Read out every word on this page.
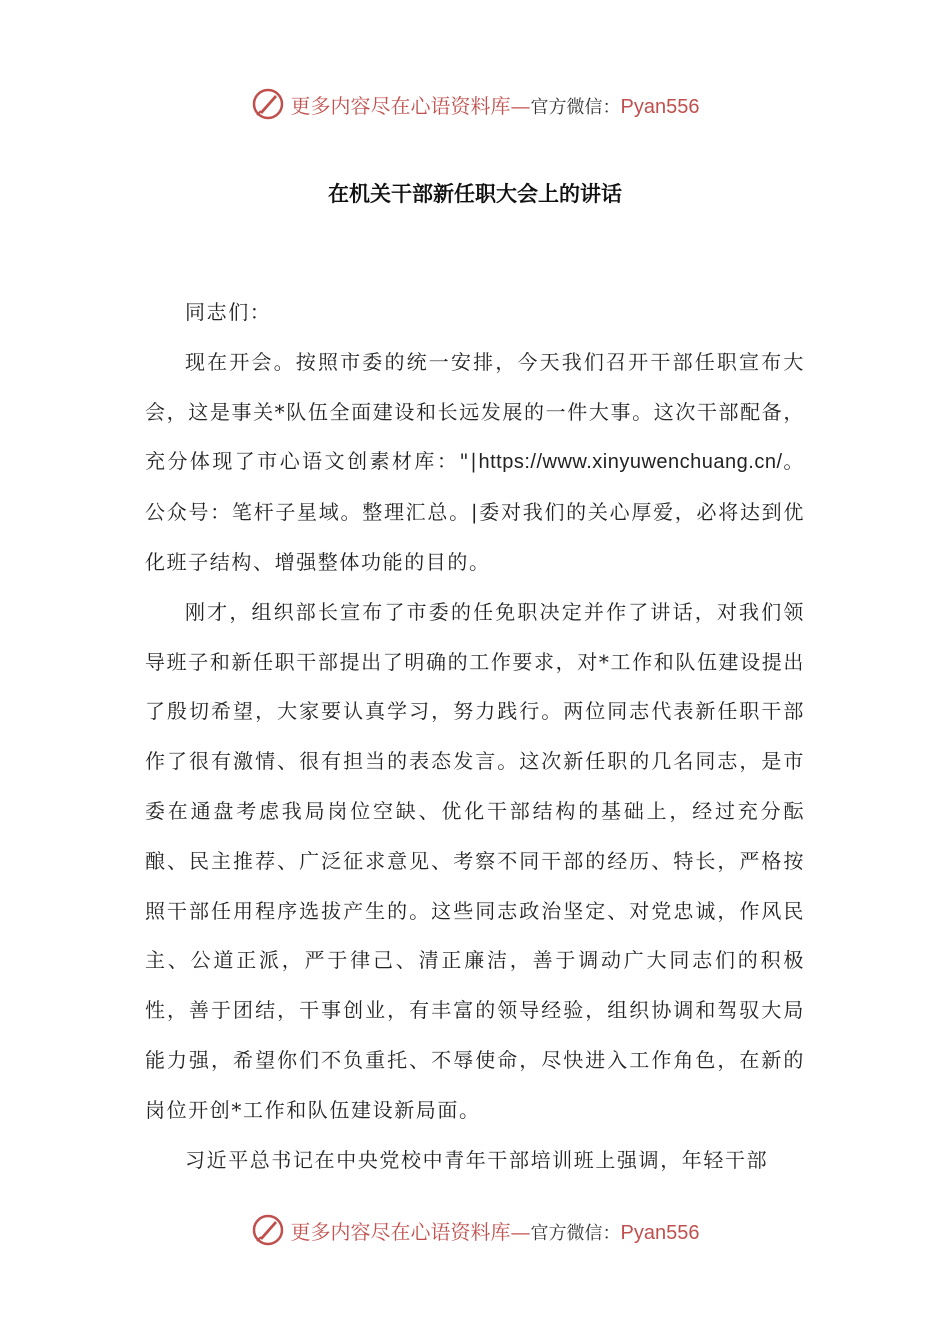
更多内容尽在心语资料库—官方微信：Pyan556
在机关干部新任职大会上的讲话

同志们：

现在开会。按照市委的统一安排，今天我们召开干部任职宣布大会，这是事关*队伍全面建设和长远发展的一件大事。这次干部配备，充分体现了市心语文创素材库："|https://www.xinyuwenchuang.cn/。公众号：笔杆子星域。整理汇总。|委对我们的关心厚爱，必将达到优化班子结构、增强整体功能的目的。

刚才，组织部长宣布了市委的任免职决定并作了讲话，对我们领导班子和新任职干部提出了明确的工作要求，对*工作和队伍建设提出了殷切希望，大家要认真学习，努力践行。两位同志代表新任职干部作了很有激情、很有担当的表态发言。这次新任职的几名同志，是市委在通盘考虑我局岗位空缺、优化干部结构的基础上，经过充分酝酿、民主推荐、广泛征求意见、考察不同干部的经历、特长，严格按照干部任用程序选拔产生的。这些同志政治坚定、对党忠诚，作风民主、公道正派，严于律己、清正廉洁，善于调动广大同志们的积极性，善于团结，干事创业，有丰富的领导经验，组织协调和驾驭大局能力强，希望你们不负重托、不辱使命，尽快进入工作角色，在新的岗位开创*工作和队伍建设新局面。

习近平总书记在中央党校中青年干部培训班上强调，年轻干部

更多内容尽在心语资料库—官方微信：Pyan556
